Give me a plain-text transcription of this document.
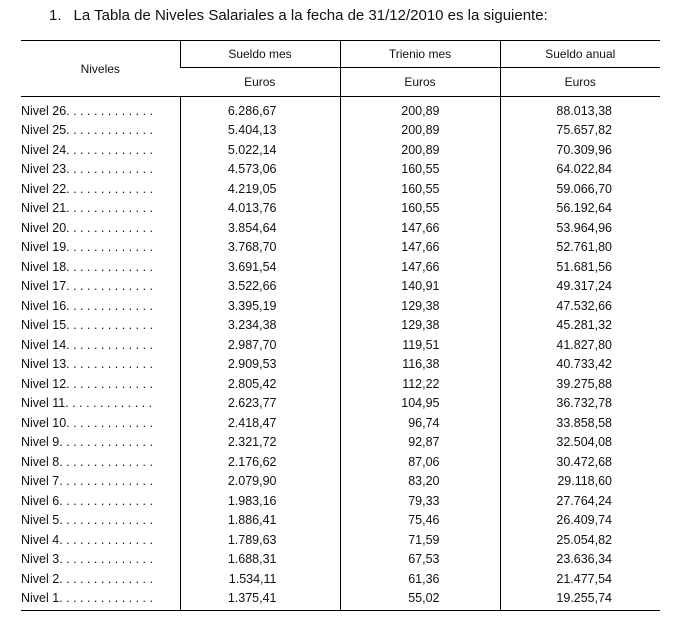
1. La Tabla de Niveles Salariales a la fecha de 31/12/2010 es la siguiente:
Niveles	Sueldo mes	Trienio mes	Sueldo anual
	Euros	Euros	Euros
Nivel 26. . . . . . . . . . . . .	6.286,67	200,89	88.013,38
Nivel 25. . . . . . . . . . . . .	5.404,13	200,89	75.657,82
Nivel 24. . . . . . . . . . . . .	5.022,14	200,89	70.309,96
Nivel 23. . . . . . . . . . . . .	4.573,06	160,55	64.022,84
Nivel 22. . . . . . . . . . . . .	4.219,05	160,55	59.066,70
Nivel 21. . . . . . . . . . . . .	4.013,76	160,55	56.192,64
Nivel 20. . . . . . . . . . . . .	3.854,64	147,66	53.964,96
Nivel 19. . . . . . . . . . . . .	3.768,70	147,66	52.761,80
Nivel 18. . . . . . . . . . . . .	3.691,54	147,66	51.681,56
Nivel 17. . . . . . . . . . . . .	3.522,66	140,91	49.317,24
Nivel 16. . . . . . . . . . . . .	3.395,19	129,38	47.532,66
Nivel 15. . . . . . . . . . . . .	3.234,38	129,38	45.281,32
Nivel 14. . . . . . . . . . . . .	2.987,70	119,51	41.827,80
Nivel 13. . . . . . . . . . . . .	2.909,53	116,38	40.733,42
Nivel 12. . . . . . . . . . . . .	2.805,42	112,22	39.275,88
Nivel 11. . . . . . . . . . . . .	2.623,77	104,95	36.732,78
Nivel 10. . . . . . . . . . . . .	2.418,47	96,74	33.858,58
Nivel 9. . . . . . . . . . . . . .	2.321,72	92,87	32.504,08
Nivel 8. . . . . . . . . . . . . .	2.176,62	87,06	30.472,68
Nivel 7. . . . . . . . . . . . . .	2.079,90	83,20	29.118,60
Nivel 6. . . . . . . . . . . . . .	1.983,16	79,33	27.764,24
Nivel 5. . . . . . . . . . . . . .	1.886,41	75,46	26.409,74
Nivel 4. . . . . . . . . . . . . .	1.789,63	71,59	25.054,82
Nivel 3. . . . . . . . . . . . . .	1.688,31	67,53	23.636,34
Nivel 2. . . . . . . . . . . . . .	1.534,11	61,36	21.477,54
Nivel 1. . . . . . . . . . . . . .	1.375,41	55,02	19.255,74
